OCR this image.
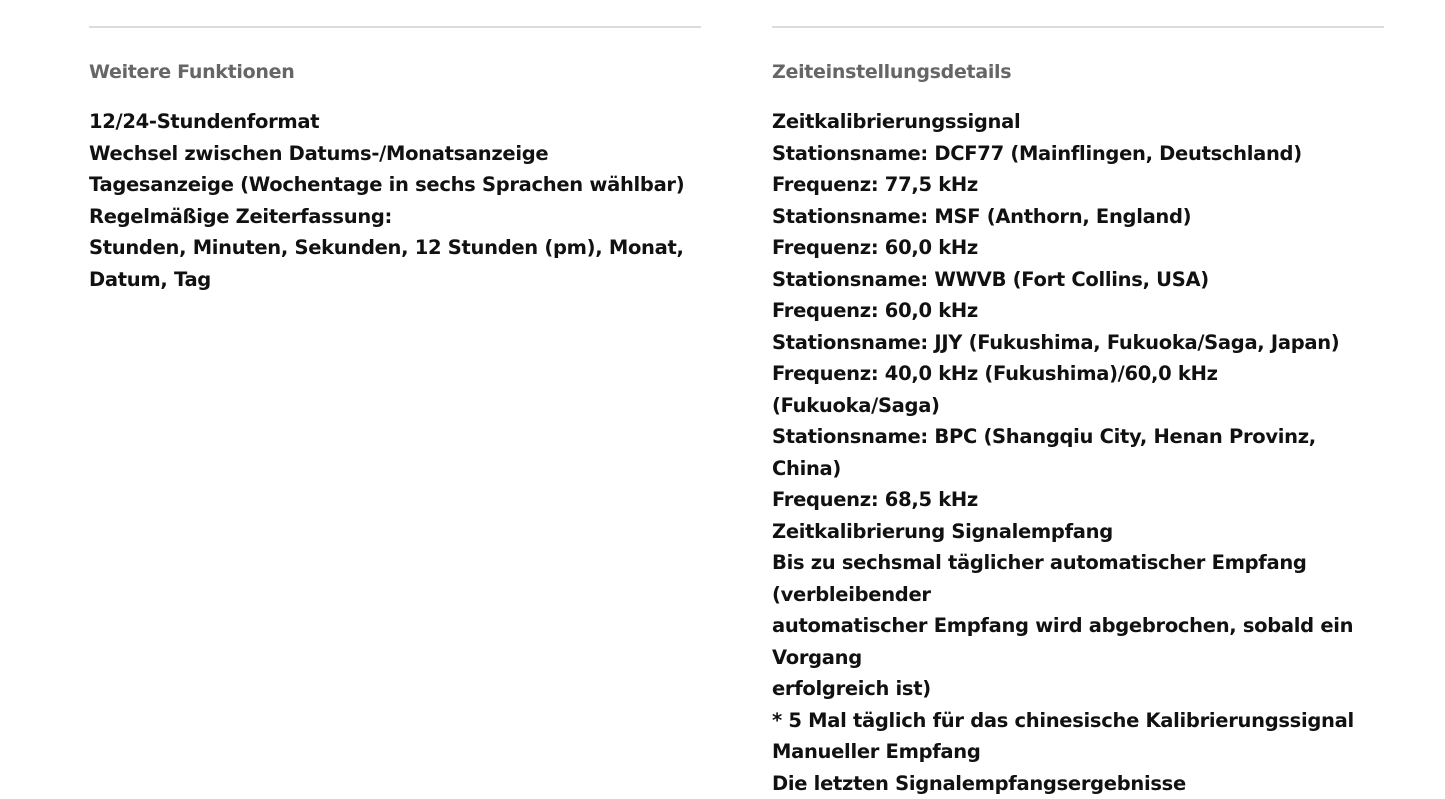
Weitere Funktionen
12/24-Stundenformat
Wechsel zwischen Datums-/Monatsanzeige
Tagesanzeige (Wochentage in sechs Sprachen wählbar)
Regelmäßige Zeiterfassung:
Stunden, Minuten, Sekunden, 12 Stunden (pm), Monat, Datum, Tag
Zeiteinstellungsdetails
Zeitkalibrierungssignal
Stationsname: DCF77 (Mainflingen, Deutschland)
Frequenz: 77,5 kHz
Stationsname: MSF (Anthorn, England)
Frequenz: 60,0 kHz
Stationsname: WWVB (Fort Collins, USA)
Frequenz: 60,0 kHz
Stationsname: JJY (Fukushima, Fukuoka/Saga, Japan)
Frequenz: 40,0 kHz (Fukushima)/60,0 kHz (Fukuoka/Saga)
Stationsname: BPC (Shangqiu City, Henan Provinz, China)
Frequenz: 68,5 kHz
Zeitkalibrierung Signalempfang
Bis zu sechsmal täglicher automatischer Empfang (verbleibender
automatischer Empfang wird abgebrochen, sobald ein Vorgang
erfolgreich ist)
* 5 Mal täglich für das chinesische Kalibrierungssignal
Manueller Empfang
Die letzten Signalempfangsergebnisse
